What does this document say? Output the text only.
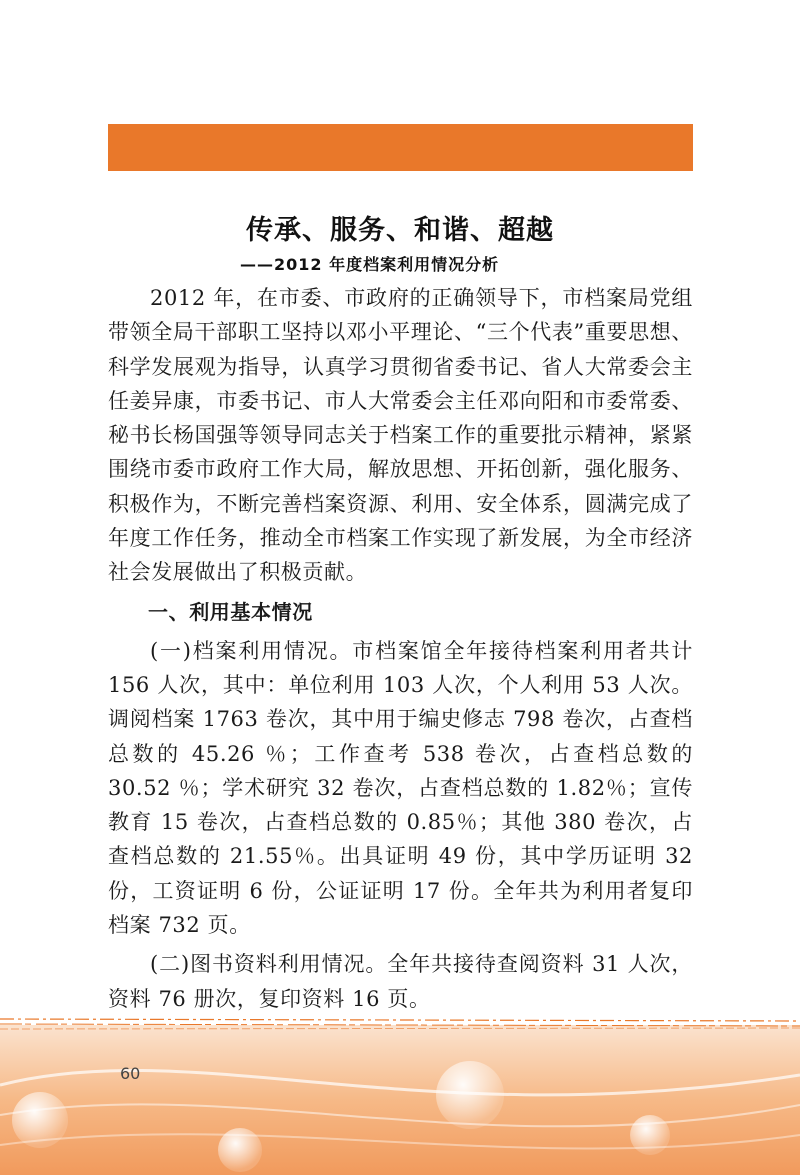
传承、服务、和谐、超越
——2012 年度档案利用情况分析

2012 年，在市委、市政府的正确领导下，市档案局党组带领全局干部职工坚持以邓小平理论、“三个代表”重要思想、科学发展观为指导，认真学习贯彻省委书记、省人大常委会主任姜异康，市委书记、市人大常委会主任邓向阳和市委常委、秘书长杨国强等领导同志关于档案工作的重要批示精神，紧紧围绕市委市政府工作大局，解放思想、开拓创新，强化服务、积极作为，不断完善档案资源、利用、安全体系，圆满完成了年度工作任务，推动全市档案工作实现了新发展，为全市经济社会发展做出了积极贡献。

一、利用基本情况

(一)档案利用情况。市档案馆全年接待档案利用者共计 156 人次，其中：单位利用 103 人次，个人利用 53 人次。调阅档案 1763 卷次，其中用于编史修志 798 卷次，占查档总数的 45.26 ％；工作查考 538 卷次，占查档总数的 30.52 ％；学术研究 32 卷次，占查档总数的 1.82％；宣传教育 15 卷次，占查档总数的 0.85％；其他 380 卷次，占查档总数的 21.55％。出具证明 49 份，其中学历证明 32 份，工资证明 6 份，公证证明 17 份。全年共为利用者复印档案 732 页。

(二)图书资料利用情况。全年共接待查阅资料 31 人次，资料 76 册次，复印资料 16 页。

60
